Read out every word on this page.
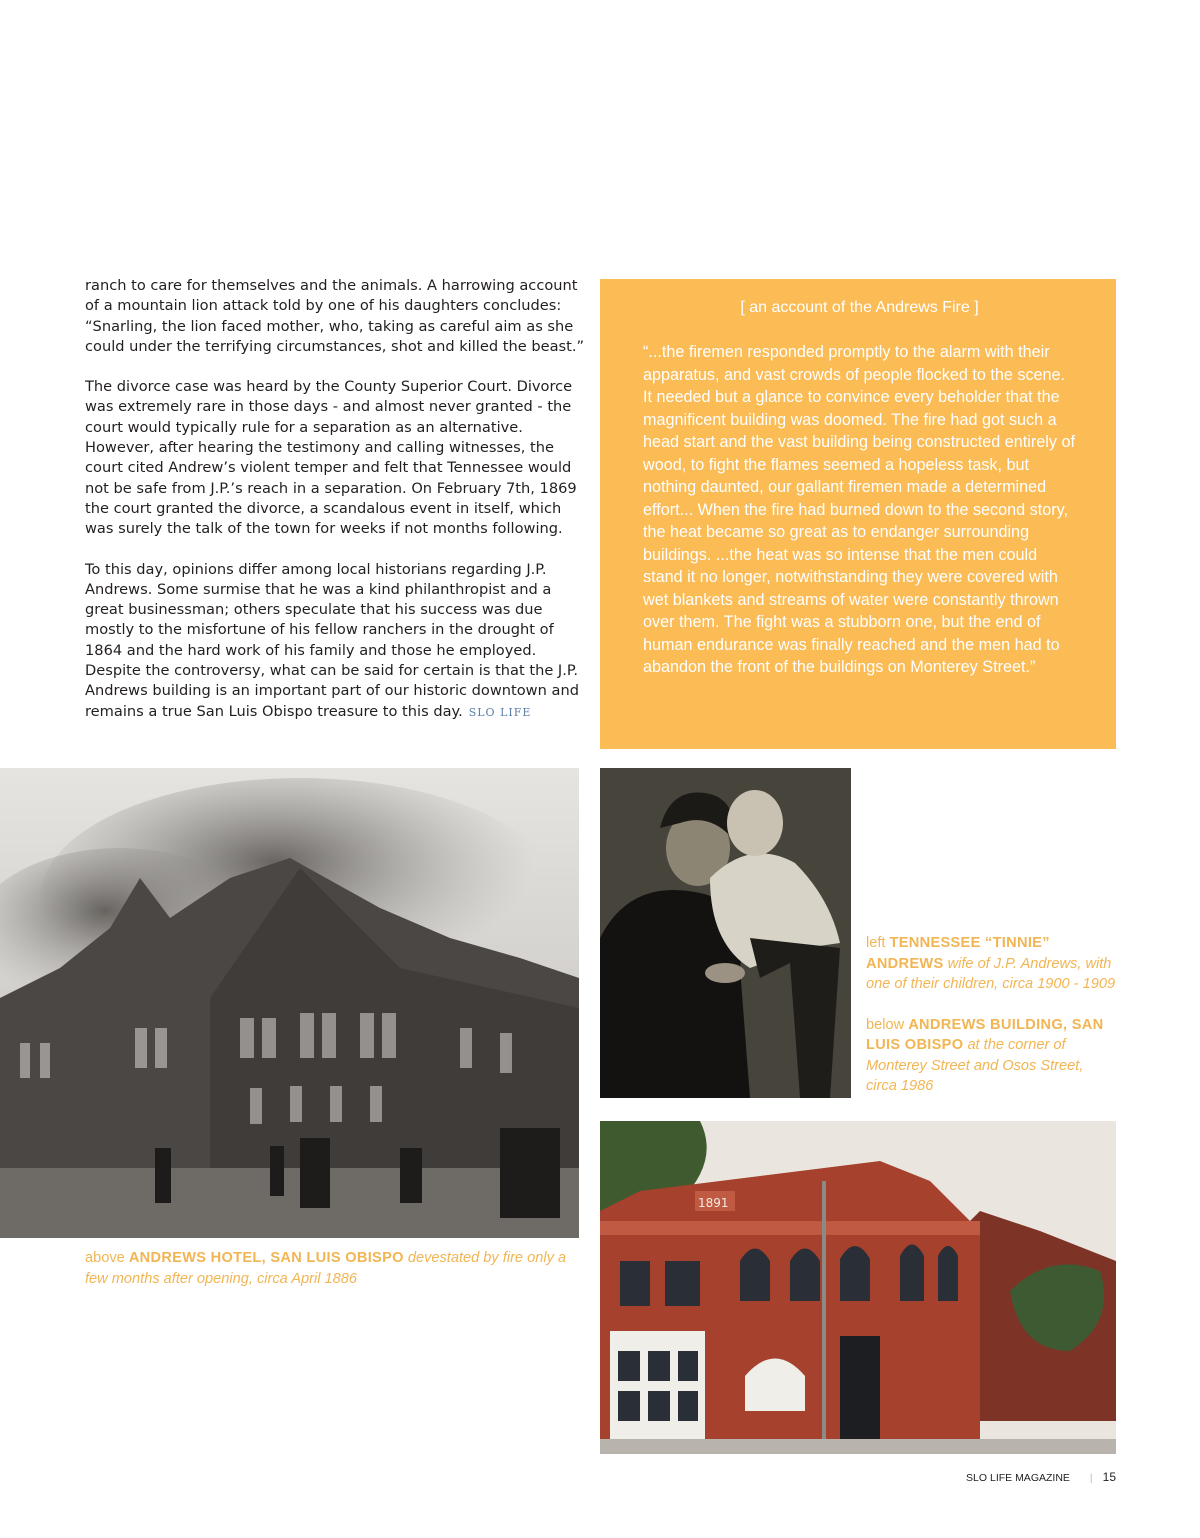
ranch to care for themselves and the animals. A harrowing account of a mountain lion attack told by one of his daughters concludes: “Snarling, the lion faced mother, who, taking as careful aim as she could under the terrifying circumstances, shot and killed the beast.”

The divorce case was heard by the County Superior Court. Divorce was extremely rare in those days - and almost never granted - the court would typically rule for a separation as an alternative. However, after hearing the testimony and calling witnesses, the court cited Andrew’s violent temper and felt that Tennessee would not be safe from J.P.’s reach in a separation. On February 7th, 1869 the court granted the divorce, a scandalous event in itself, which was surely the talk of the town for weeks if not months following.

To this day, opinions differ among local historians regarding J.P. Andrews. Some surmise that he was a kind philanthropist and a great businessman; others speculate that his success was due mostly to the misfortune of his fellow ranchers in the drought of 1864 and the hard work of his family and those he employed. Despite the controversy, what can be said for certain is that the J.P. Andrews building is an important part of our historic downtown and remains a true San Luis Obispo treasure to this day. SLO LIFE

[ an account of the Andrews Fire ]

“...the firemen responded promptly to the alarm with their apparatus, and vast crowds of people flocked to the scene. It needed but a glance to convince every beholder that the magnificent building was doomed. The fire had got such a head start and the vast building being constructed entirely of wood, to fight the flames seemed a hopeless task, but nothing daunted, our gallant firemen made a determined effort... When the fire had burned down to the second story, the heat became so great as to endanger surrounding buildings. ...the heat was so intense that the men could stand it no longer, notwithstanding they were covered with wet blankets and streams of water were constantly thrown over them. The fight was a stubborn one, but the end of human endurance was finally reached and the men had to abandon the front of the buildings on Monterey Street.”

above ANDREWS HOTEL, SAN LUIS OBISPO devestated by fire only a few months after opening, circa April 1886

left TENNESSEE “TINNIE” ANDREWS wife of J.P. Andrews, with one of their children, circa 1900 - 1909

below ANDREWS BUILDING, SAN LUIS OBISPO at the corner of Monterey Street and Osos Street, circa 1986

1891
SLO LIFE MAGAZINE | 15
